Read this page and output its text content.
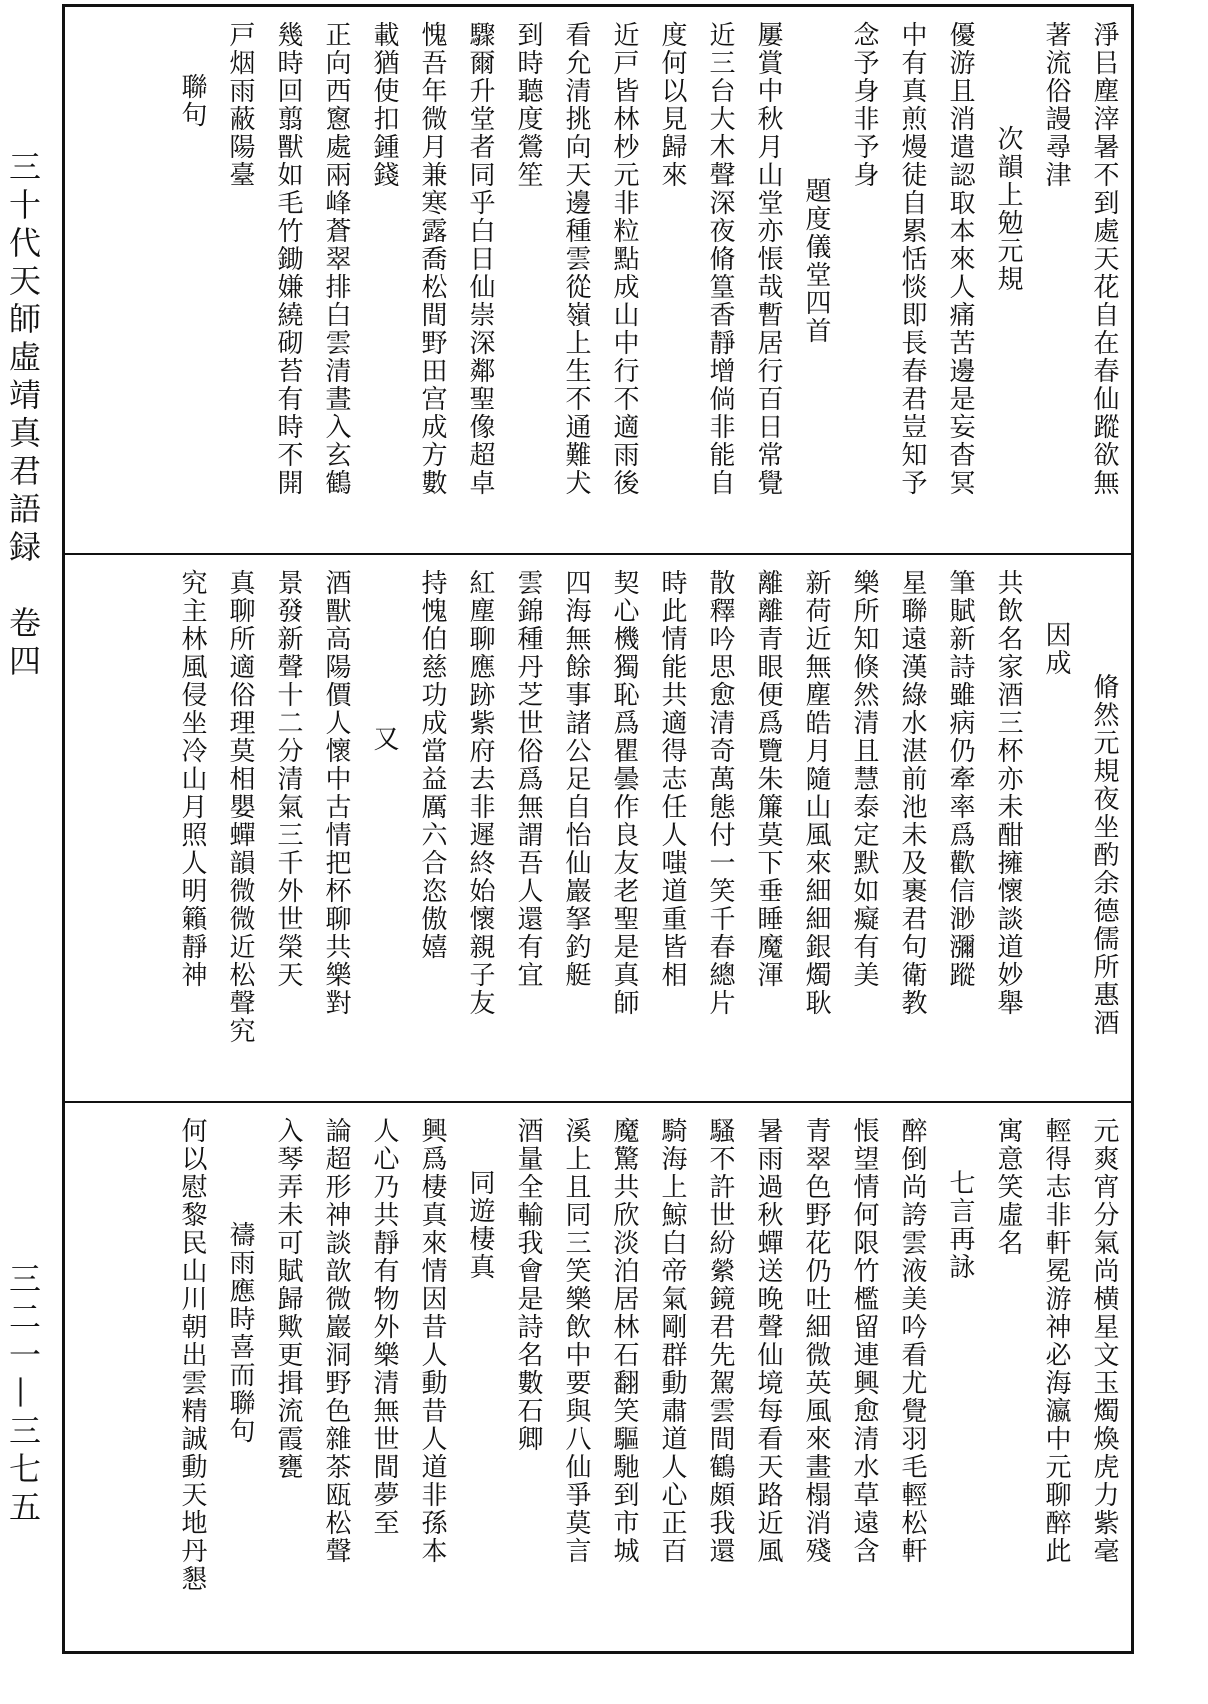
三十代天師虛靖真君語録　卷四
三二一—三七五
淨㠯塵滓暑不到處天花自在春仙蹤欲無
著流俗謾尋津
次韻上勉元規
優游且消遣認取本來人痛苦邊是妄杳冥
中有真煎熳徒自累恬惔即長春君豈知予
念予身非予身
題度儀堂四首
屢賞中秋月山堂亦悵哉暫居行百日常覺
近三台大木聲深夜脩篁香靜增倘非能自
度何以見歸來
近戸皆林杪元非粒點成山中行不適雨後
看允清挑向天邊種雲從嶺上生不通難犬
到時聽度鶯笙
驟爾升堂者同乎白日仙崇深鄰聖像超卓
愧吾年微月兼寒露喬松間野田宫成方數
載猶使扣鍾錢
正向西窻處兩峰蒼翠排白雲清晝入玄鶴
幾時回翦獸如毛竹鋤嫌繞砌苔有時不開
戸烟雨蔽陽臺
聯句
脩然元規夜坐酌余德儒所惠酒
因成
共飲名家酒三杯亦未酣擁懷談道妙舉
筆賦新詩雖病仍牽率爲歡信渺瀰蹤
星聯遠漢綠水湛前池未及裹君句衛教
樂所知倏然清且慧泰定默如癡有美
新荷近無塵皓月隨山風來細細銀燭耿
離離青眼便爲覽朱簾莫下垂睡魔渾
散釋吟思愈清奇萬態付一笑千春總片
時此情能共適得志任人嗤道重皆相
契心機獨恥爲瞿曇作良友老聖是真師
四海無餘事諸公足自怡仙巖拏釣艇
雲錦種丹芝世俗爲無謂吾人還有宜
紅塵聊應跡紫府去非遲終始懷親子友
持愧伯慈功成當益厲六合恣傲嬉
又
酒獸高陽價人懷中古情把杯聊共樂對
景發新聲十二分清氣三千外世榮天
真聊所適俗理莫相嬰蟬韻微微近松聲究
究主林風侵坐冷山月照人明籟靜神
元爽宵分氣尚横星文玉燭煥虎力紫毫
輕得志非軒冕游神必海瀛中元聊醉此
寓意笑虛名
七言再詠
醉倒尚誇雲液美吟看尤覺羽毛輕松軒
悵望情何限竹檻留連興愈清水草遠含
青翠色野花仍吐細微英風來畫榻消殘
暑雨過秋蟬送晚聲仙境每看天路近風
騷不許世紛縈鏡君先駕雲間鶴頗我還
騎海上鯨白帝氣剛群動肅道人心正百
魔驚共欣淡泊居林石翻笑驅馳到市城
溪上且同三笑樂飲中要與八仙爭莫言
酒量全輸我會是詩名數石卿
同遊棲真
興爲棲真來情因昔人動昔人道非孫本
人心乃共靜有物外樂清無世間夢至
論超形神談歆微巖洞野色雜茶瓯松聲
入琴弄未可賦歸歟更揖流霞甕
禱雨應時喜而聯句
何以慰黎民山川朝出雲精誠動天地丹懇
